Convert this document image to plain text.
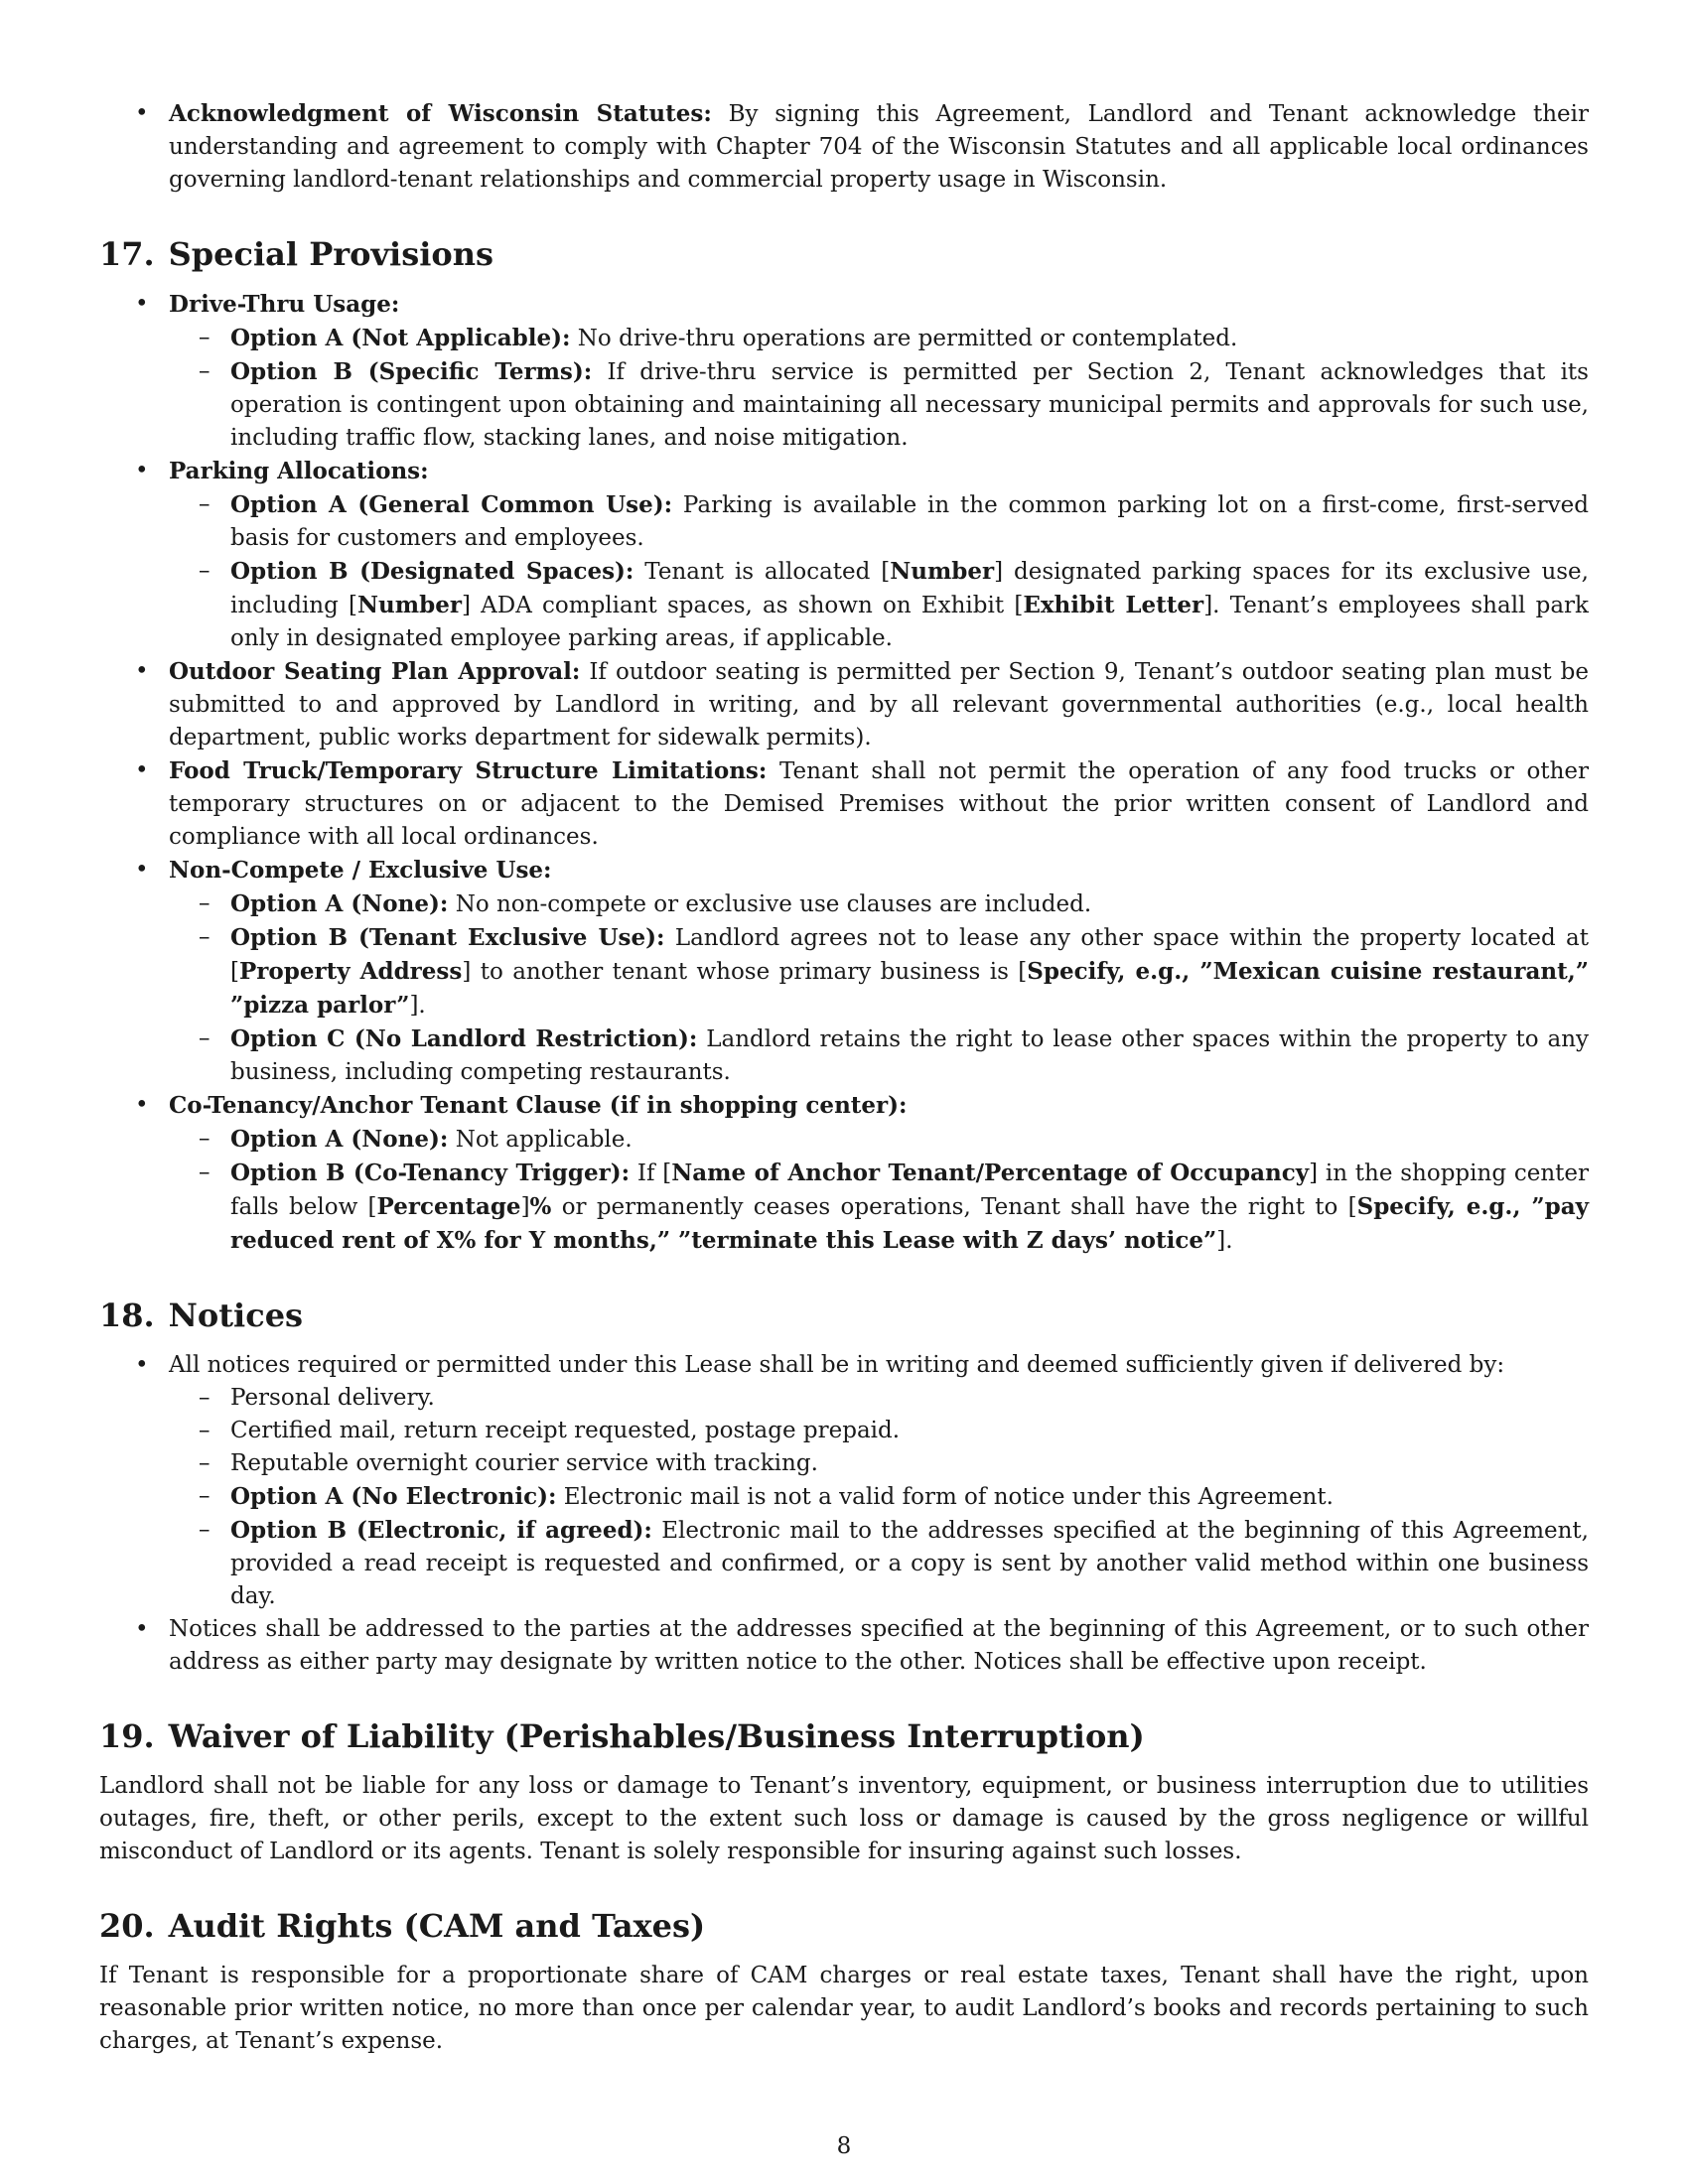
• Acknowledgment of Wisconsin Statutes: By signing this Agreement, Landlord and Tenant acknowledge their understanding and agreement to comply with Chapter 704 of the Wisconsin Statutes and all applicable local ordinances governing landlord-tenant relationships and commercial property usage in Wisconsin.
17. Special Provisions
• Drive-Thru Usage:
– Option A (Not Applicable): No drive-thru operations are permitted or contemplated.
– Option B (Specific Terms): If drive-thru service is permitted per Section 2, Tenant acknowledges that its operation is contingent upon obtaining and maintaining all necessary municipal permits and approvals for such use, including traffic flow, stacking lanes, and noise mitigation.
• Parking Allocations:
– Option A (General Common Use): Parking is available in the common parking lot on a first-come, first-served basis for customers and employees.
– Option B (Designated Spaces): Tenant is allocated [Number] designated parking spaces for its exclusive use, including [Number] ADA compliant spaces, as shown on Exhibit [Exhibit Letter]. Tenant’s employees shall park only in designated employee parking areas, if applicable.
• Outdoor Seating Plan Approval: If outdoor seating is permitted per Section 9, Tenant’s outdoor seating plan must be submitted to and approved by Landlord in writing, and by all relevant governmental authorities (e.g., local health department, public works department for sidewalk permits).
• Food Truck/Temporary Structure Limitations: Tenant shall not permit the operation of any food trucks or other temporary structures on or adjacent to the Demised Premises without the prior written consent of Landlord and compliance with all local ordinances.
• Non-Compete / Exclusive Use:
– Option A (None): No non-compete or exclusive use clauses are included.
– Option B (Tenant Exclusive Use): Landlord agrees not to lease any other space within the property located at [Property Address] to another tenant whose primary business is [Specify, e.g., ”Mexican cuisine restaurant,” ”pizza parlor”].
– Option C (No Landlord Restriction): Landlord retains the right to lease other spaces within the property to any business, including competing restaurants.
• Co-Tenancy/Anchor Tenant Clause (if in shopping center):
– Option A (None): Not applicable.
– Option B (Co-Tenancy Trigger): If [Name of Anchor Tenant/Percentage of Occupancy] in the shopping center falls below [Percentage]% or permanently ceases operations, Tenant shall have the right to [Specify, e.g., ”pay reduced rent of X% for Y months,” ”terminate this Lease with Z days’ notice”].
18. Notices
• All notices required or permitted under this Lease shall be in writing and deemed sufficiently given if delivered by:
– Personal delivery.
– Certified mail, return receipt requested, postage prepaid.
– Reputable overnight courier service with tracking.
– Option A (No Electronic): Electronic mail is not a valid form of notice under this Agreement.
– Option B (Electronic, if agreed): Electronic mail to the addresses specified at the beginning of this Agreement, provided a read receipt is requested and confirmed, or a copy is sent by another valid method within one business day.
• Notices shall be addressed to the parties at the addresses specified at the beginning of this Agreement, or to such other address as either party may designate by written notice to the other. Notices shall be effective upon receipt.
19. Waiver of Liability (Perishables/Business Interruption)

Landlord shall not be liable for any loss or damage to Tenant’s inventory, equipment, or business interruption due to utilities outages, fire, theft, or other perils, except to the extent such loss or damage is caused by the gross negligence or willful misconduct of Landlord or its agents. Tenant is solely responsible for insuring against such losses.

20. Audit Rights (CAM and Taxes)

If Tenant is responsible for a proportionate share of CAM charges or real estate taxes, Tenant shall have the right, upon reasonable prior written notice, no more than once per calendar year, to audit Landlord’s books and records pertaining to such charges, at Tenant’s expense.

8
